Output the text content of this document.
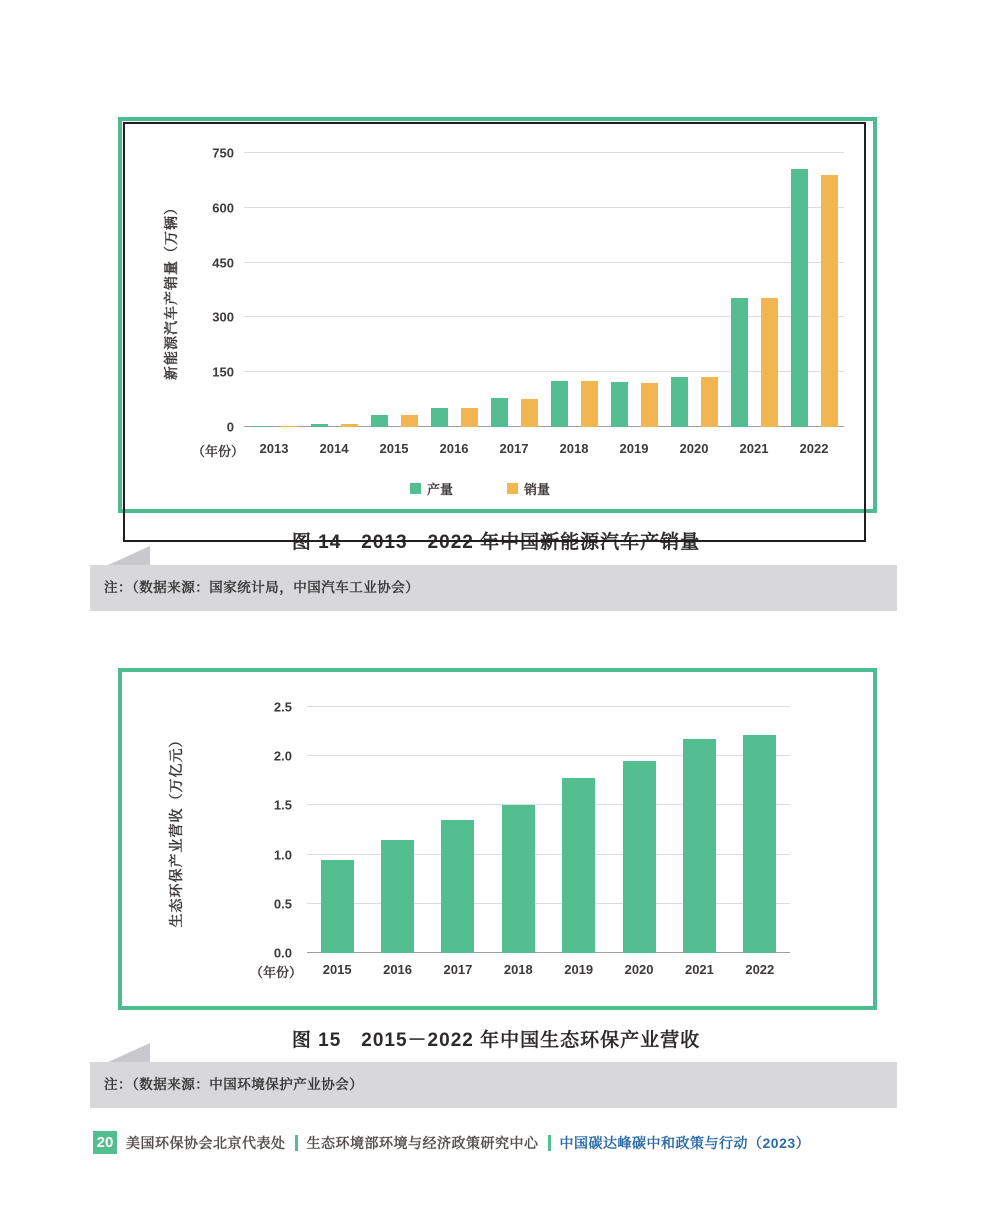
新能源汽车产销量（万辆）
0
150
300
450
600
750
（年份）	2013	2014	2015	2016	2017	2018	2019	2020	2021	2022
产量	销量
图 14　2013－2022 年中国新能源汽车产销量
注：（数据来源：国家统计局，中国汽车工业协会）
生态环保产业营收（万亿元）
0.0
0.5
1.0
1.5
2.0
2.5
（年份）	2015	2016	2017	2018	2019	2020	2021	2022
图 15　2015－2022 年中国生态环保产业营收
注：（数据来源：中国环境保护产业协会）
20 美国环保协会北京代表处 生态环境部环境与经济政策研究中心 中国碳达峰碳中和政策与行动（2023）
